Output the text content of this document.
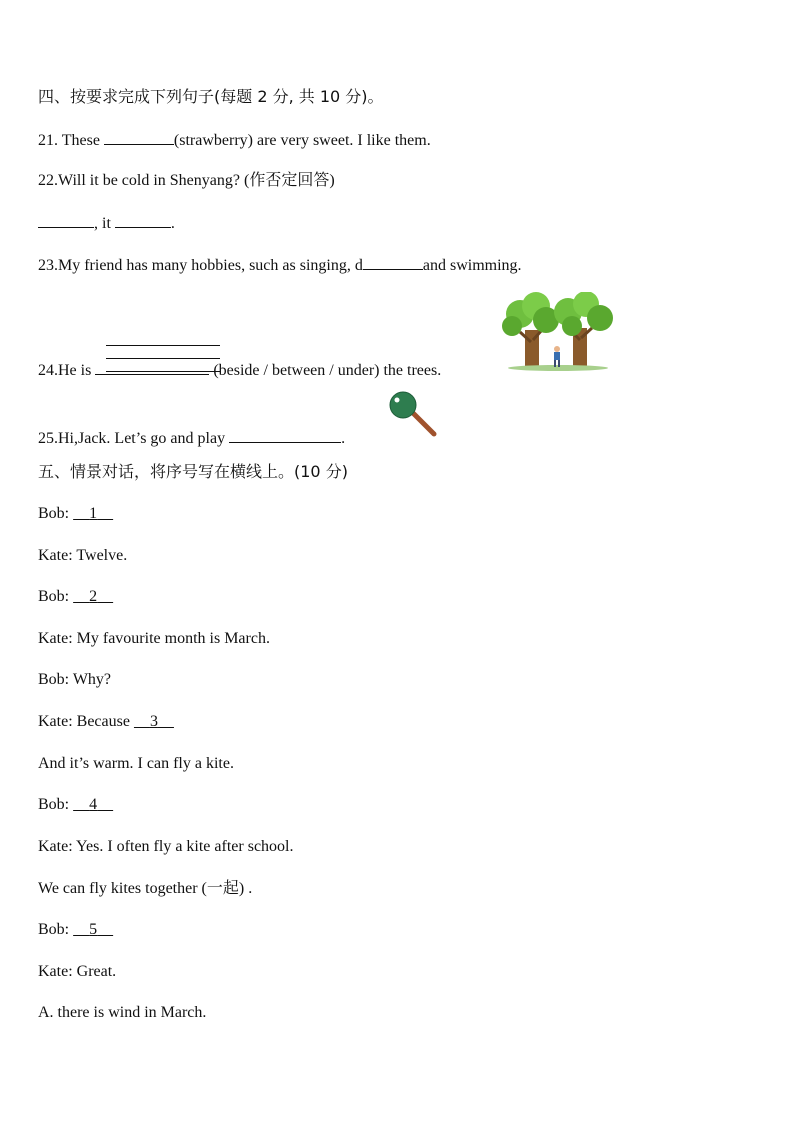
四、按要求完成下列句子(每题 2 分, 共 10 分)。
21. These	(strawberry) are very sweet. I like them.
22.Will it be cold in Shenyang? (作否定回答)
, it	.
23.My friend has many hobbies, such as singing, d	and swimming.
24.He is	(beside / between / under) the trees.
25.Hi,Jack. Let’s go and play	.
五、情景对话，将序号写在横线上。(10 分)
Bob:     1
Kate: Twelve.
Bob:     2
Kate: My favourite month is March.
Bob: Why?
Kate: Because     3
And it’s warm. I can fly a kite.
Bob:     4
Kate: Yes. I often fly a kite after school.
We can fly kites together (一起) .
Bob:     5
Kate: Great.
A. there is wind in March.
